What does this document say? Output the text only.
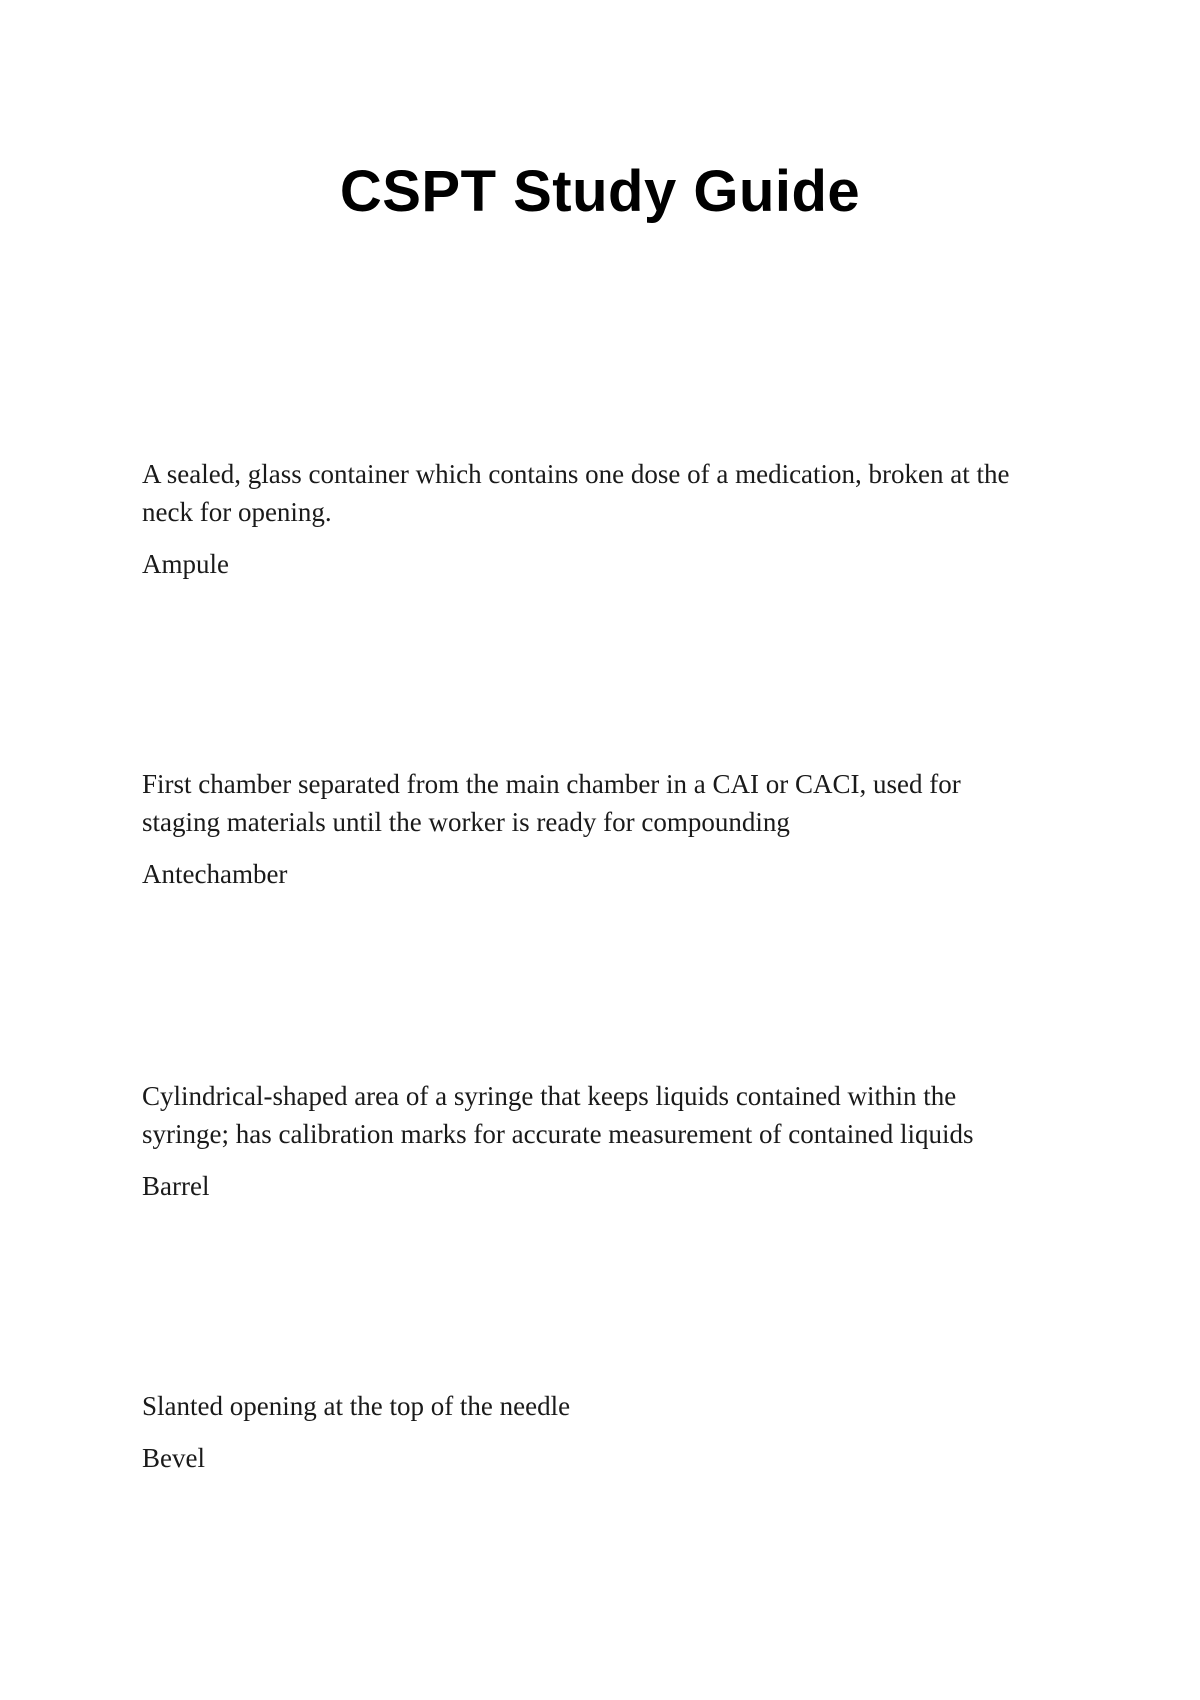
CSPT Study Guide

A sealed, glass container which contains one dose of a medication, broken at the neck for opening.

Ampule

First chamber separated from the main chamber in a CAI or CACI, used for staging materials until the worker is ready for compounding

Antechamber

Cylindrical-shaped area of a syringe that keeps liquids contained within the syringe; has calibration marks for accurate measurement of contained liquids

Barrel

Slanted opening at the top of the needle

Bevel
